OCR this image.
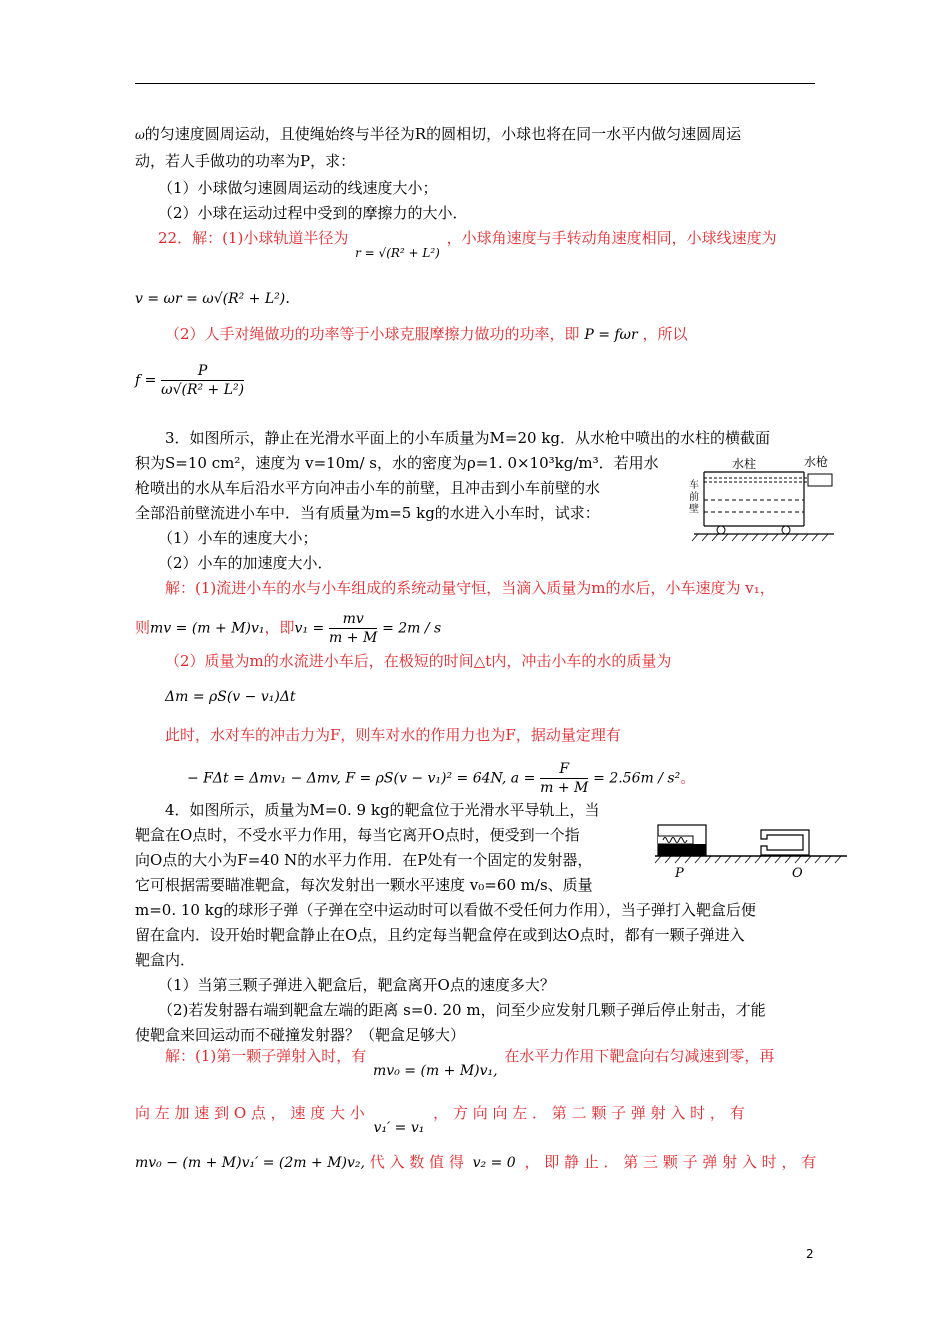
ω的匀速度圆周运动，且使绳始终与半径为R的圆相切，小球也将在同一水平内做匀速圆周运
动，若人手做功的功率为P，求：
（1）小球做匀速圆周运动的线速度大小；
（2）小球在运动过程中受到的摩擦力的大小．
22．解：(1)小球轨道半径为 $_{r = √(R^2 + L^2)}$ ，小球角速度与手转动角速度相同，小球线速度为
v = ωr = ω√(R² + L²).
（2）人手对绳做功的功率等于小球克服摩擦力做功的功率，即 P = fωr ，所以
$f = \frac{P}{\text{ω√(R² + L²)}}$
3．如图所示，静止在光滑水平面上的小车质量为M=20 kg．从水枪中喷出的水柱的横截面
积为S=10 cm²，速度为 v=10m/ s，水的密度为ρ=1. 0×10³kg/m³．若用水
枪喷出的水从车后沿水平方向冲击小车的前壁，且冲击到小车前壁的水
全部沿前壁流进小车中．当有质量为m=5 kg的水进入小车时，试求：
（1）小车的速度大小；
（2）小车的加速度大小．
水柱	水枪
车
前
壁
解：(1)流进小车的水与小车组成的系统动量守恒，当滴入质量为m的水后，小车速度为 v₁，
则mv = (m + M)v₁，即$v_1 = \frac{mv}{m + M} = 2m / s$
（2）质量为m的水流进小车后，在极短的时间△t内，冲击小车的水的质量为
Δm = ρS(v − v₁)Δt
此时，水对车的冲击力为F，则车对水的作用力也为F，据动量定理有
− FΔt = Δmv₁ − Δmv, F = ρS(v − v₁)² = 64N, $a = \frac{F}{m + M} = 2.56m / s^2$。
4．如图所示，质量为M=0. 9 kg的靶盒位于光滑水平导轨上，当
靶盒在O点时，不受水平力作用，每当它离开O点时，便受到一个指
向O点的大小为F=40 N的水平力作用．在P处有一个固定的发射器，
它可根据需要瞄准靶盒，每次发射出一颗水平速度 v₀=60 m/s、质量
m=0. 10 kg的球形子弹（子弹在空中运动时可以看做不受任何力作用），当子弹打入靶盒后便
留在盒内．设开始时靶盒静止在O点，且约定每当靶盒停在或到达O点时，都有一颗子弹进入
靶盒内．
（1）当第三颗子弹进入靶盒后，靶盒离开O点的速度多大？
（2)若发射器右端到靶盒左端的距离 s=0. 20 m，问至少应发射几颗子弹后停止射击，才能
使靶盒来回运动而不碰撞发射器？（靶盒足够大）
P	O
解：(1)第一颗子弹射入时，有 mv₀ = (m + M)v₁, 在水平力作用下靶盒向右匀减速到零，再
向 左 加 速 到 O 点 ， 速 度 大 小 v₁′ = v₁ ， 方 向 向 左 ． 第 二 颗 子 弹 射 入 时 ， 有
mv₀ − (m + M)v₁′ = (2m + M)v₂, 代 入 数 值 得 v₂ = 0 ， 即 静 止 ． 第 三 颗 子 弹 射 入 时 ， 有
2
